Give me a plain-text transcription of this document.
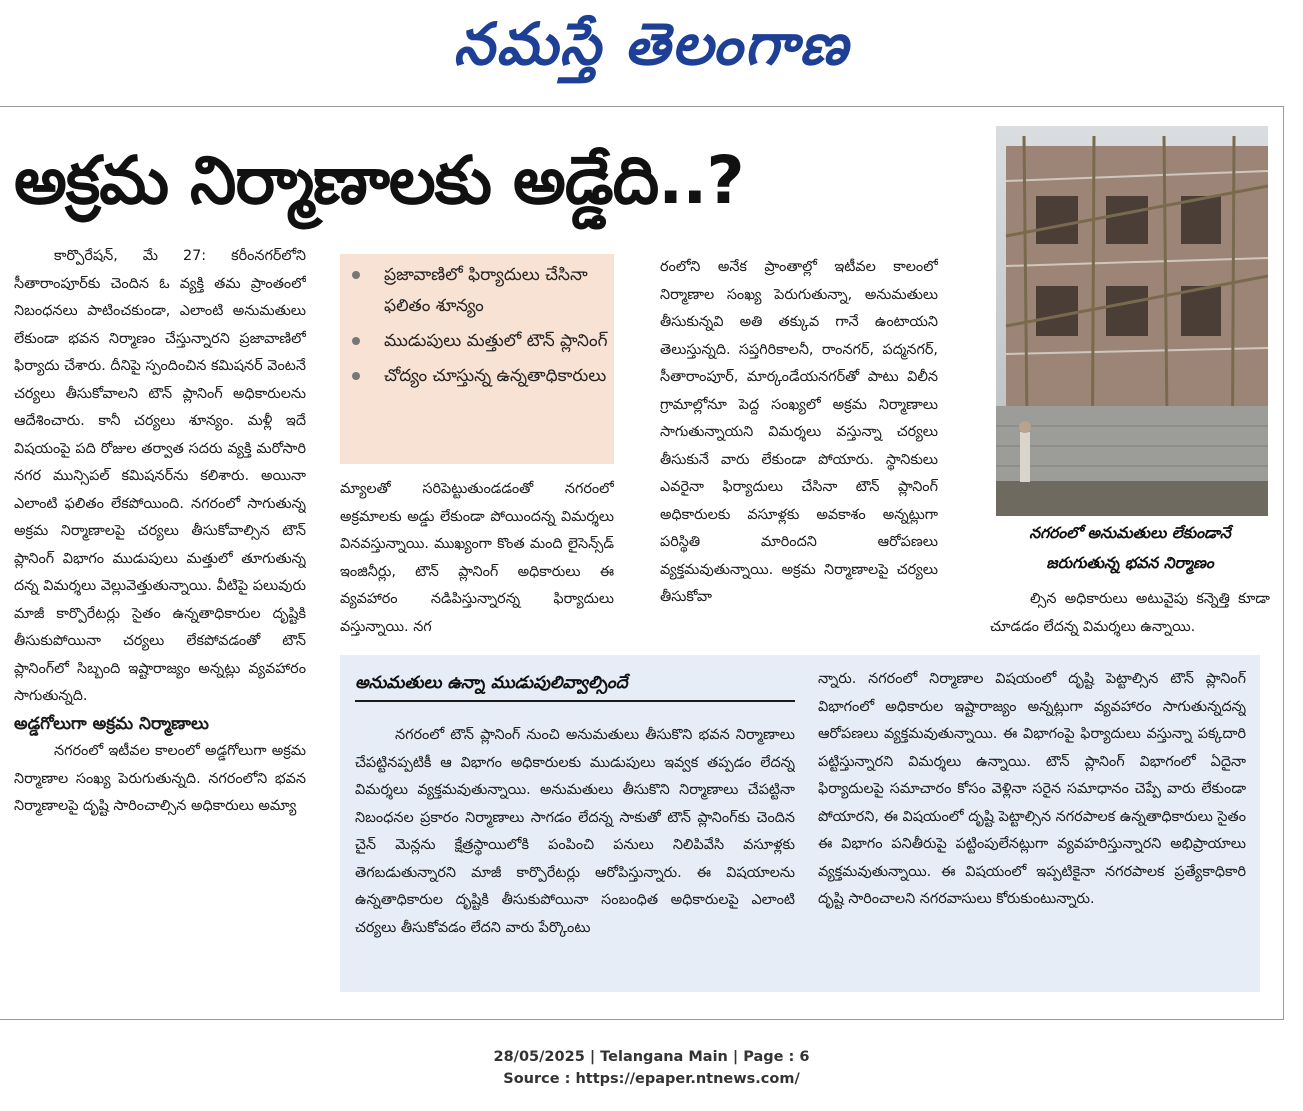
నమస్తే తెలంగాణ
అక్రమ నిర్మాణాలకు అడ్డేది..?

కార్పొరేషన్, మే 27: కరీంనగర్‌లోని సీతారాంపూర్‌కు చెందిన ఓ వ్యక్తి తమ ప్రాంతంలో నిబంధనలు పాటించకుండా, ఎలాంటి అనుమతులు లేకుండా భవన నిర్మాణం చేస్తున్నారని ప్రజావాణిలో ఫిర్యాదు చేశారు. దీనిపై స్పందించిన కమిషనర్ వెంటనే చర్యలు తీసుకోవాలని టౌన్ ప్లానింగ్ అధికారులను ఆదేశించారు. కానీ చర్యలు శూన్యం. మళ్లీ ఇదే విషయంపై పది రోజుల తర్వాత సదరు వ్యక్తి మరోసారి నగర మున్సిపల్ కమిషనర్‌ను కలిశారు. అయినా ఎలాంటి ఫలితం లేకపోయింది. నగరంలో సాగుతున్న అక్రమ నిర్మాణాలపై చర్యలు తీసుకోవాల్సిన టౌన్ ప్లానింగ్ విభాగం ముడుపులు మత్తులో తూగుతున్న దన్న విమర్శలు వెల్లువెత్తుతున్నాయి. వీటిపై పలువురు మాజీ కార్పొరేటర్లు సైతం ఉన్నతాధికారుల దృష్టికి తీసుకుపోయినా చర్యలు లేకపోవడంతో టౌన్ ప్లానింగ్‌లో సిబ్బంది ఇష్టారాజ్యం అన్నట్లు వ్యవహారం సాగుతున్నది.

అడ్డగోలుగా అక్రమ నిర్మాణాలు

నగరంలో ఇటీవల కాలంలో అడ్డగోలుగా అక్రమ నిర్మాణాల సంఖ్య పెరుగుతున్నది. నగరంలోని భవన నిర్మాణాలపై దృష్టి సారించాల్సిన అధికారులు అమ్యా

ప్రజావాణిలో ఫిర్యాదులు చేసినా ఫలితం శూన్యం
ముడుపులు మత్తులో టౌన్ ప్లానింగ్
చోద్యం చూస్తున్న ఉన్నతాధికారులు

మ్యాలతో సరిపెట్టుతుండడంతో నగరంలో అక్రమాలకు అడ్డు లేకుండా పోయిందన్న విమర్శలు వినవస్తున్నాయి. ముఖ్యంగా కొంత మంది లైసెన్స్‌డ్ ఇంజినీర్లు, టౌన్ ప్లానింగ్ అధికారులు ఈ వ్యవహారం నడిపిస్తున్నారన్న ఫిర్యాదులు వస్తున్నాయి. నగ

రంలోని అనేక ప్రాంతాల్లో ఇటీవల కాలంలో నిర్మాణాల సంఖ్య పెరుగుతున్నా, అనుమతులు తీసుకున్నవి అతి తక్కువ గానే ఉంటాయని తెలుస్తున్నది. సప్తగిరికాలనీ, రాంనగర్, పద్మనగర్, సీతారాంపూర్, మార్కండేయనగర్‌తో పాటు విలీన గ్రామాల్లోనూ పెద్ద సంఖ్యలో అక్రమ నిర్మాణాలు సాగుతున్నాయని విమర్శలు వస్తున్నా చర్యలు తీసుకునే వారు లేకుండా పోయారు. స్థానికులు ఎవరైనా ఫిర్యాదులు చేసినా టౌన్ ప్లానింగ్ అధికారులకు వసూళ్లకు అవకాశం అన్నట్లుగా పరిస్థితి మారిందని ఆరోపణలు వ్యక్తమవుతున్నాయి. అక్రమ నిర్మాణాలపై చర్యలు తీసుకోవా

నగరంలో అనుమతులు లేకుండానే
జరుగుతున్న భవన నిర్మాణం

ల్సిన అధికారులు అటువైపు కన్నెత్తి కూడా చూడడం లేదన్న విమర్శలు ఉన్నాయి.

అనుమతులు ఉన్నా ముడుపులివ్వాల్సిందే

నగరంలో టౌన్ ప్లానింగ్ నుంచి అనుమతులు తీసుకొని భవన నిర్మాణాలు చేపట్టినప్పటికీ ఆ విభాగం అధికారులకు ముడుపులు ఇవ్వక తప్పడం లేదన్న విమర్శలు వ్యక్తమవుతున్నాయి. అనుమతులు తీసుకొని నిర్మాణాలు చేపట్టినా నిబంధనల ప్రకారం నిర్మాణాలు సాగడం లేదన్న సాకుతో టౌన్ ప్లానింగ్‌కు చెందిన చైన్ మెన్లను క్షేత్రస్థాయిలోకి పంపించి పనులు నిలిపివేసి వసూళ్లకు తెగబడుతున్నారని మాజీ కార్పొరేటర్లు ఆరోపిస్తున్నారు. ఈ విషయాలను ఉన్నతాధికారుల దృష్టికి తీసుకుపోయినా సంబంధిత అధికారులపై ఎలాంటి చర్యలు తీసుకోవడం లేదని వారు పేర్కొంటు

న్నారు. నగరంలో నిర్మాణాల విషయంలో దృష్టి పెట్టాల్సిన టౌన్ ప్లానింగ్ విభాగంలో అధికారుల ఇష్టారాజ్యం అన్నట్లుగా వ్యవహారం సాగుతున్నదన్న ఆరోపణలు వ్యక్తమవుతున్నాయి. ఈ విభాగంపై ఫిర్యాదులు వస్తున్నా పక్కదారి పట్టిస్తున్నారని విమర్శలు ఉన్నాయి. టౌన్ ప్లానింగ్ విభాగంలో ఏదైనా ఫిర్యాదులపై సమాచారం కోసం వెళ్లినా సరైన సమాధానం చెప్పే వారు లేకుండా పోయారని, ఈ విషయంలో దృష్టి పెట్టాల్సిన నగరపాలక ఉన్నతాధికారులు సైతం ఈ విభాగం పనితీరుపై పట్టింపులేనట్లుగా వ్యవహరిస్తున్నారని అభిప్రాయాలు వ్యక్తమవుతున్నాయి. ఈ విషయంలో ఇప్పటికైనా నగరపాలక ప్రత్యేకాధికారి దృష్టి సారించాలని నగరవాసులు కోరుకుంటున్నారు.

28/05/2025 | Telangana Main | Page : 6
Source : https://epaper.ntnews.com/
